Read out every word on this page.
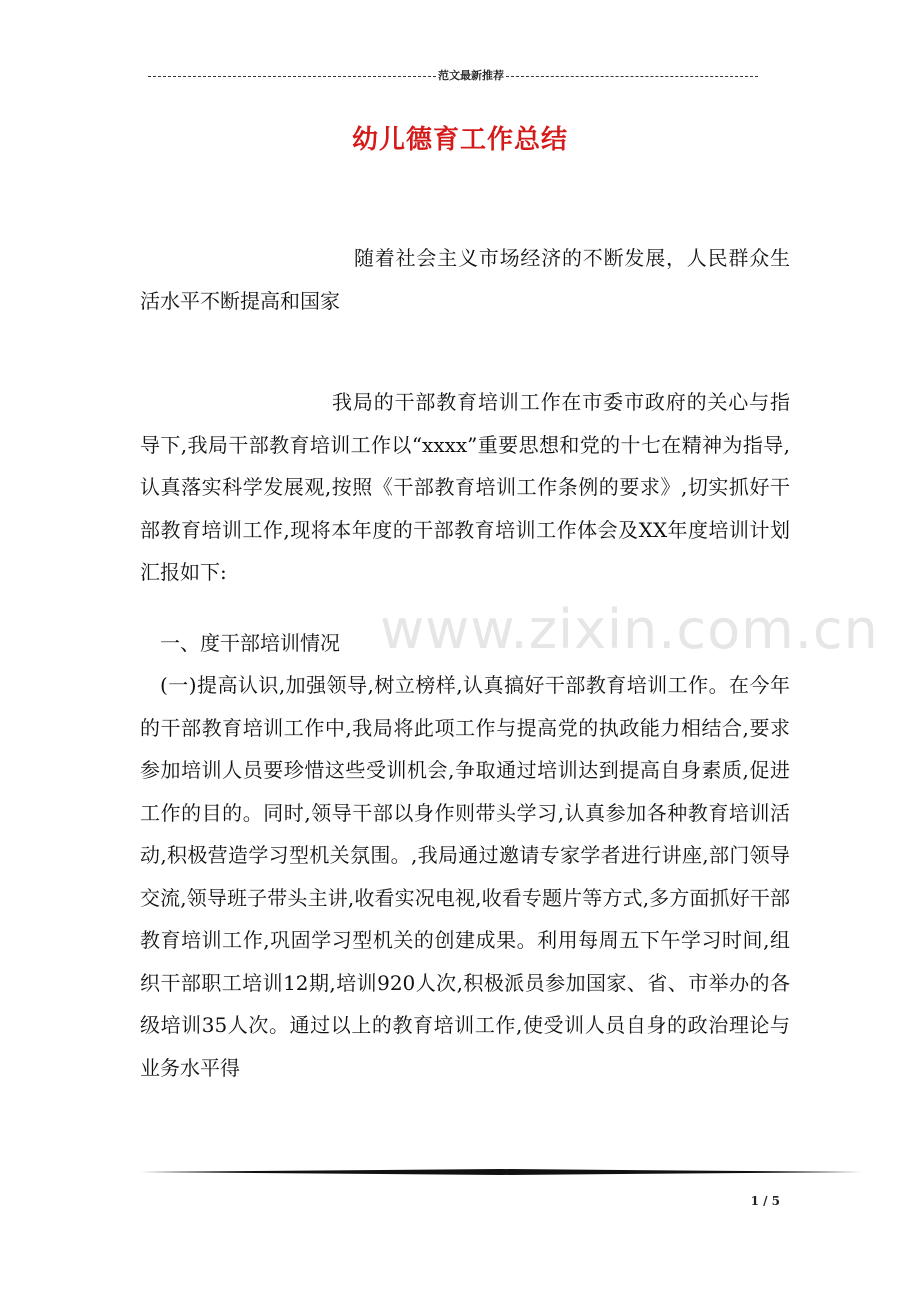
范文最新推荐
幼儿德育工作总结
www.zixin.com.cn
随着社会主义市场经济的不断发展，人民群众生活水平不断提高和国家
我局的干部教育培训工作在市委市政府的关心与指导下,我局干部教育培训工作以“xxxx”重要思想和党的十七在精神为指导,认真落实科学发展观,按照《干部教育培训工作条例的要求》,切实抓好干部教育培训工作,现将本年度的干部教育培训工作体会及XX年度培训计划汇报如下:
一、度干部培训情况
(一)提高认识,加强领导,树立榜样,认真搞好干部教育培训工作。在今年的干部教育培训工作中,我局将此项工作与提高党的执政能力相结合,要求参加培训人员要珍惜这些受训机会,争取通过培训达到提高自身素质,促进工作的目的。同时,领导干部以身作则带头学习,认真参加各种教育培训活动,积极营造学习型机关氛围。,我局通过邀请专家学者进行讲座,部门领导交流,领导班子带头主讲,收看实况电视,收看专题片等方式,多方面抓好干部教育培训工作,巩固学习型机关的创建成果。利用每周五下午学习时间,组织干部职工培训12期,培训920人次,积极派员参加国家、省、市举办的各级培训35人次。通过以上的教育培训工作,使受训人员自身的政治理论与业务水平得
1 / 5
